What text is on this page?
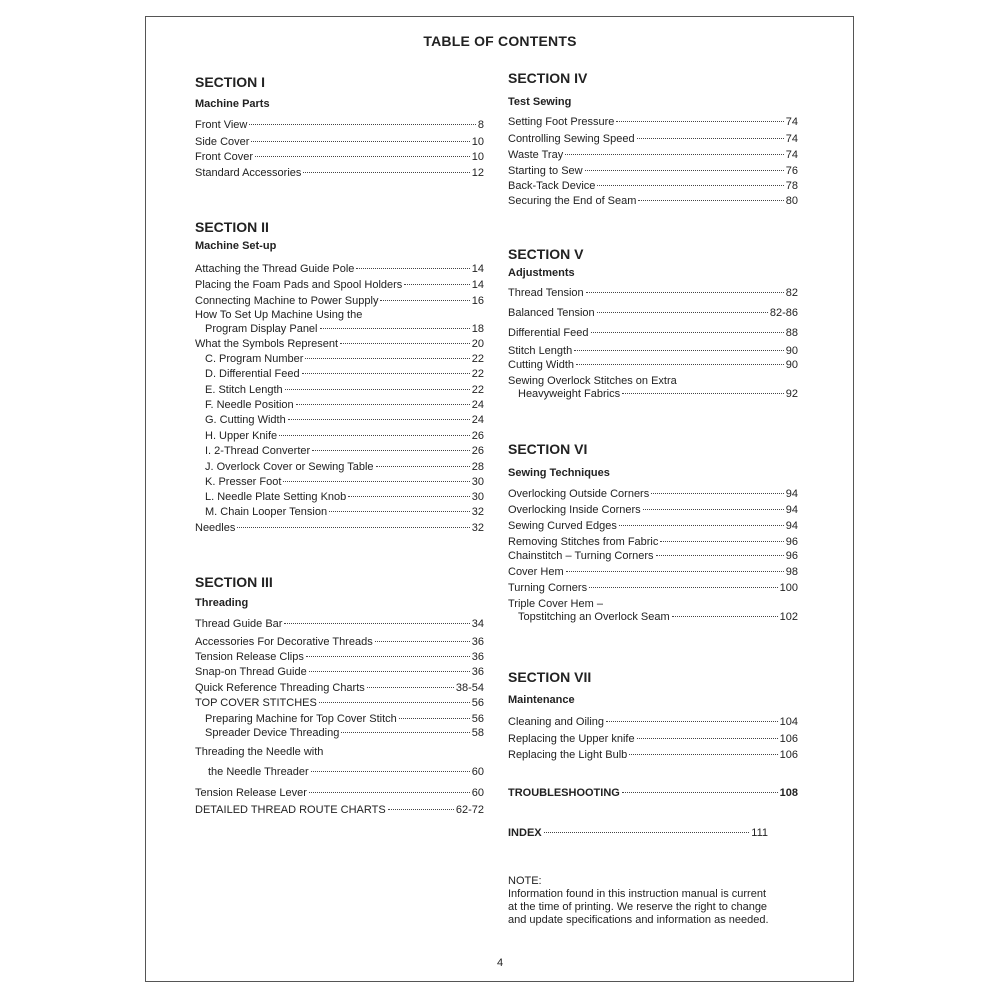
TABLE OF CONTENTS
SECTION I
Machine Parts
Front View	8
Side Cover	10
Front Cover	10
Standard Accessories	12
SECTION II
Machine Set-up
Attaching the Thread Guide Pole	14
Placing the Foam Pads and Spool Holders	14
Connecting Machine to Power Supply	16
How To Set Up Machine Using the
Program Display Panel	18
What the Symbols Represent	20
C. Program Number	22
D. Differential Feed	22
E. Stitch Length	22
F. Needle Position	24
G. Cutting Width	24
H. Upper Knife	26
I. 2-Thread Converter	26
J. Overlock Cover or Sewing Table	28
K. Presser Foot	30
L. Needle Plate Setting Knob	30
M. Chain Looper Tension	32
Needles	32
SECTION III
Threading
Thread Guide Bar	34
Accessories For Decorative Threads	36
Tension Release Clips	36
Snap-on Thread Guide	36
Quick Reference Threading Charts	38-54
TOP COVER STITCHES	56
Preparing Machine for Top Cover Stitch	56
Spreader Device Threading	58
Threading the Needle with
the Needle Threader	60
Tension Release Lever	60
DETAILED THREAD ROUTE CHARTS	62-72
SECTION IV
Test Sewing
Setting Foot Pressure	74
Controlling Sewing Speed	74
Waste Tray	74
Starting to Sew	76
Back-Tack Device	78
Securing the End of Seam	80
SECTION V
Adjustments
Thread Tension	82
Balanced Tension	82-86
Differential Feed	88
Stitch Length	90
Cutting Width	90
Sewing Overlock Stitches on Extra
Heavyweight Fabrics	92
SECTION VI
Sewing Techniques
Overlocking Outside Corners	94
Overlocking Inside Corners	94
Sewing Curved Edges	94
Removing Stitches from Fabric	96
Chainstitch – Turning Corners	96
Cover Hem	98
Turning Corners	100
Triple Cover Hem –
Topstitching an Overlock Seam	102
SECTION VII
Maintenance
Cleaning and Oiling	104
Replacing the Upper knife	106
Replacing the Light Bulb	106
TROUBLESHOOTING	108
INDEX	111
NOTE:
Information found in this instruction manual is current
at the time of printing. We reserve the right to change
and update specifications and information as needed.
4
